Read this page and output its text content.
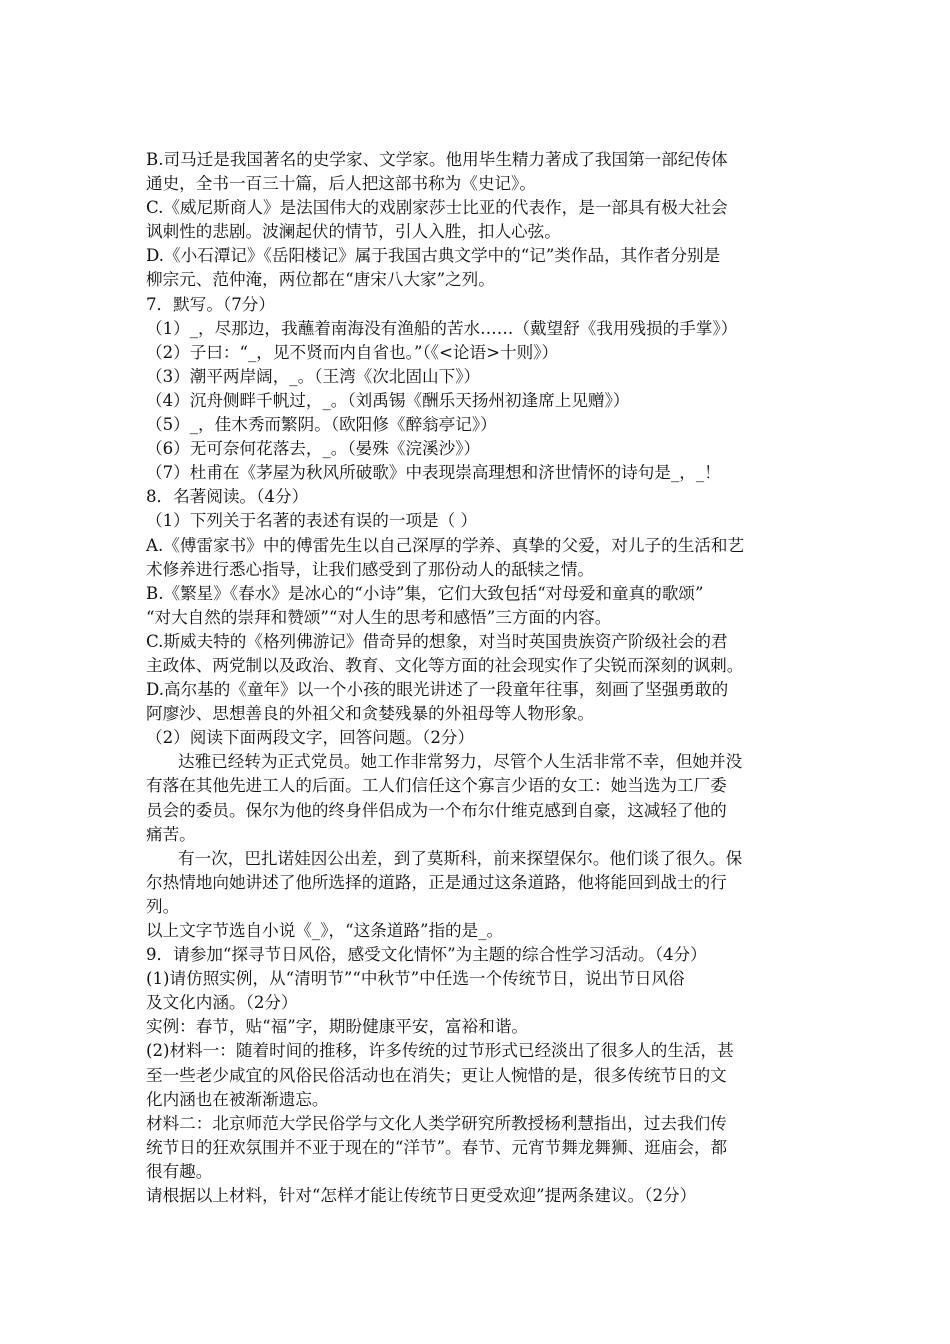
B.司马迁是我国著名的史学家、文学家。他用毕生精力著成了我国第一部纪传体

通史，全书一百三十篇，后人把这部书称为《史记》。

C.《威尼斯商人》是法国伟大的戏剧家莎士比亚的代表作，是一部具有极大社会

讽刺性的悲剧。波澜起伏的情节，引人入胜，扣人心弦。

D.《小石潭记》《岳阳楼记》属于我国古典文学中的“记”类作品，其作者分别是

柳宗元、范仲淹，两位都在“唐宋八大家”之列。

7．默写。（7分）

（1）_，尽那边，我蘸着南海没有渔船的苦水……（戴望舒《我用残损的手掌》）

（2）子曰：“_，见不贤而内自省也。”（《<论语>十则》）

（3）潮平两岸阔，_。（王湾《次北固山下》）

（4）沉舟侧畔千帆过，_。（刘禹锡《酬乐天扬州初逢席上见赠》）

（5）_，佳木秀而繁阴。（欧阳修《醉翁亭记》）

（6）无可奈何花落去，_。（晏殊《浣溪沙》）

（7）杜甫在《茅屋为秋风所破歌》中表现崇高理想和济世情怀的诗句是_，_！

8．名著阅读。（4分）

（1）下列关于名著的表述有误的一项是（ ）

A.《傅雷家书》中的傅雷先生以自己深厚的学养、真挚的父爱，对儿子的生活和艺

术修养进行悉心指导，让我们感受到了那份动人的舐犊之情。

B.《繁星》《春水》是冰心的“小诗”集，它们大致包括“对母爱和童真的歌颂”

“对大自然的崇拜和赞颂”“对人生的思考和感悟”三方面的内容。

C.斯威夫特的《格列佛游记》借奇异的想象，对当时英国贵族资产阶级社会的君

主政体、两党制以及政治、教育、文化等方面的社会现实作了尖锐而深刻的讽刺。

D.高尔基的《童年》以一个小孩的眼光讲述了一段童年往事，刻画了坚强勇敢的

阿廖沙、思想善良的外祖父和贪婪残暴的外祖母等人物形象。

（2）阅读下面两段文字，回答问题。（2分）

达雅已经转为正式党员。她工作非常努力，尽管个人生活非常不幸，但她并没

有落在其他先进工人的后面。工人们信任这个寡言少语的女工：她当选为工厂委

员会的委员。保尔为他的终身伴侣成为一个布尔什维克感到自豪，这减轻了他的

痛苦。

有一次，巴扎诺娃因公出差，到了莫斯科，前来探望保尔。他们谈了很久。保

尔热情地向她讲述了他所选择的道路，正是通过这条道路，他将能回到战士的行

列。

以上文字节选自小说《_》，“这条道路”指的是_。

9．请参加“探寻节日风俗，感受文化情怀”为主题的综合性学习活动。（4分）

(1)请仿照实例，从“清明节”“中秋节”中任选一个传统节日，说出节日风俗

及文化内涵。（2分）

实例：春节，贴“福”字，期盼健康平安，富裕和谐。

(2)材料一：随着时间的推移，许多传统的过节形式已经淡出了很多人的生活，甚

至一些老少咸宜的风俗民俗活动也在消失；更让人惋惜的是，很多传统节日的文

化内涵也在被渐渐遗忘。

材料二：北京师范大学民俗学与文化人类学研究所教授杨利慧指出，过去我们传

统节日的狂欢氛围并不亚于现在的“洋节”。春节、元宵节舞龙舞狮、逛庙会，都

很有趣。

请根据以上材料，针对“怎样才能让传统节日更受欢迎”提两条建议。（2分）
